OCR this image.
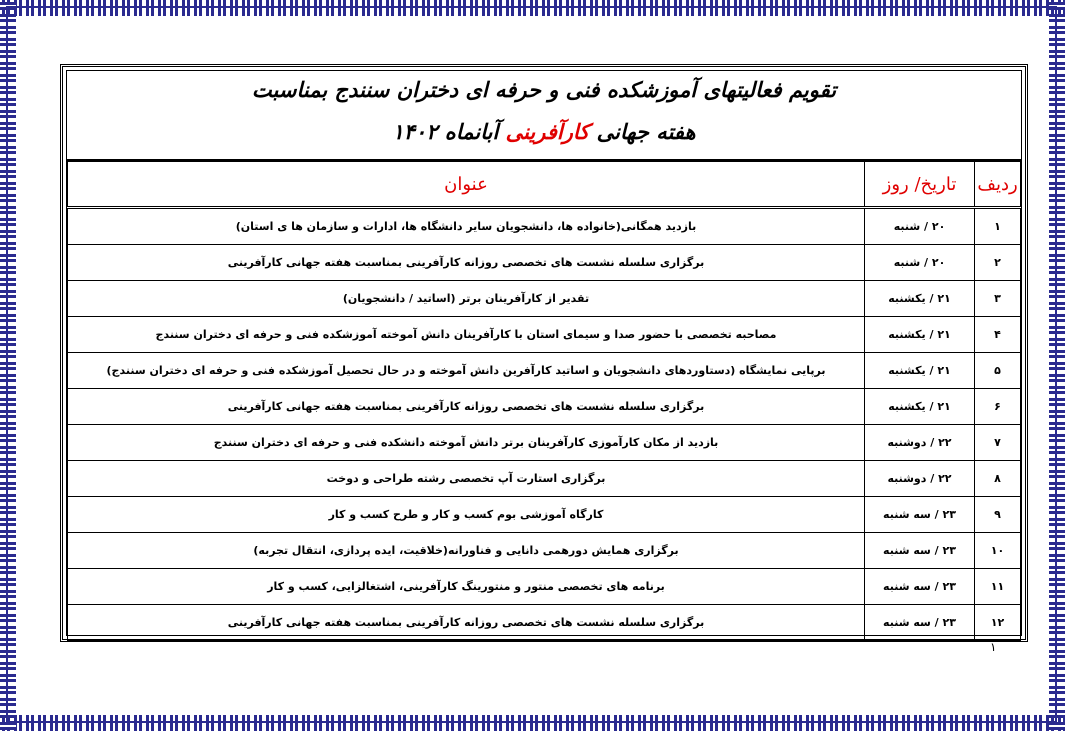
تقویم فعالیتهای آموزشکده فنی و حرفه ای دختران سنندج بمناسبت
هفته جهانی کارآفرینی آبانماه ۱۴۰۲
ردیف	تاریخ/ روز	عنوان
۱	۲۰ / شنبه	بازدید همگانی(خانواده ها، دانشجویان سایر دانشگاه ها، ادارات و سازمان ها ی استان)
۲	۲۰ / شنبه	برگزاری سلسله نشست های تخصصی روزانه کارآفرینی بمناسبت هفته جهانی کارآفرینی
۳	۲۱ / یکشنبه	تقدیر از کارآفرینان برتر (اساتید / دانشجویان)
۴	۲۱ / یکشنبه	مصاحبه تخصصی با حضور صدا و سیمای استان با کارآفرینان دانش آموخته آموزشکده فنی و حرفه ای دختران سنندج
۵	۲۱ / یکشنبه	برپایی نمایشگاه (دستاوردهای دانشجویان و اساتید کارآفرین دانش آموخته و در حال تحصیل آموزشکده فنی و حرفه ای دختران سنندج)
۶	۲۱ / یکشنبه	برگزاری سلسله نشست های تخصصی روزانه کارآفرینی بمناسبت هفته جهانی کارآفرینی
۷	۲۲ / دوشنبه	بازدید از مکان کارآموزی کارآفرینان برتر دانش آموخته دانشکده فنی و حرفه ای دختران سنندج
۸	۲۲ / دوشنبه	برگزاری استارت آپ تخصصی رشته طراحی و دوخت
۹	۲۳ / سه شنبه	کارگاه آموزشی بوم کسب و کار و طرح کسب و کار
۱۰	۲۳ / سه شنبه	برگزاری همایش دورهمی دانایی و فناورانه(خلاقیت، ایده پردازی، انتقال تجربه)
۱۱	۲۳ / سه شنبه	برنامه های تخصصی منتور و منتورینگ کارآفرینی، اشتغالزایی، کسب و کار
۱۲	۲۳ / سه شنبه	برگزاری سلسله نشست های تخصصی روزانه کارآفرینی بمناسبت هفته جهانی کارآفرینی
۱
